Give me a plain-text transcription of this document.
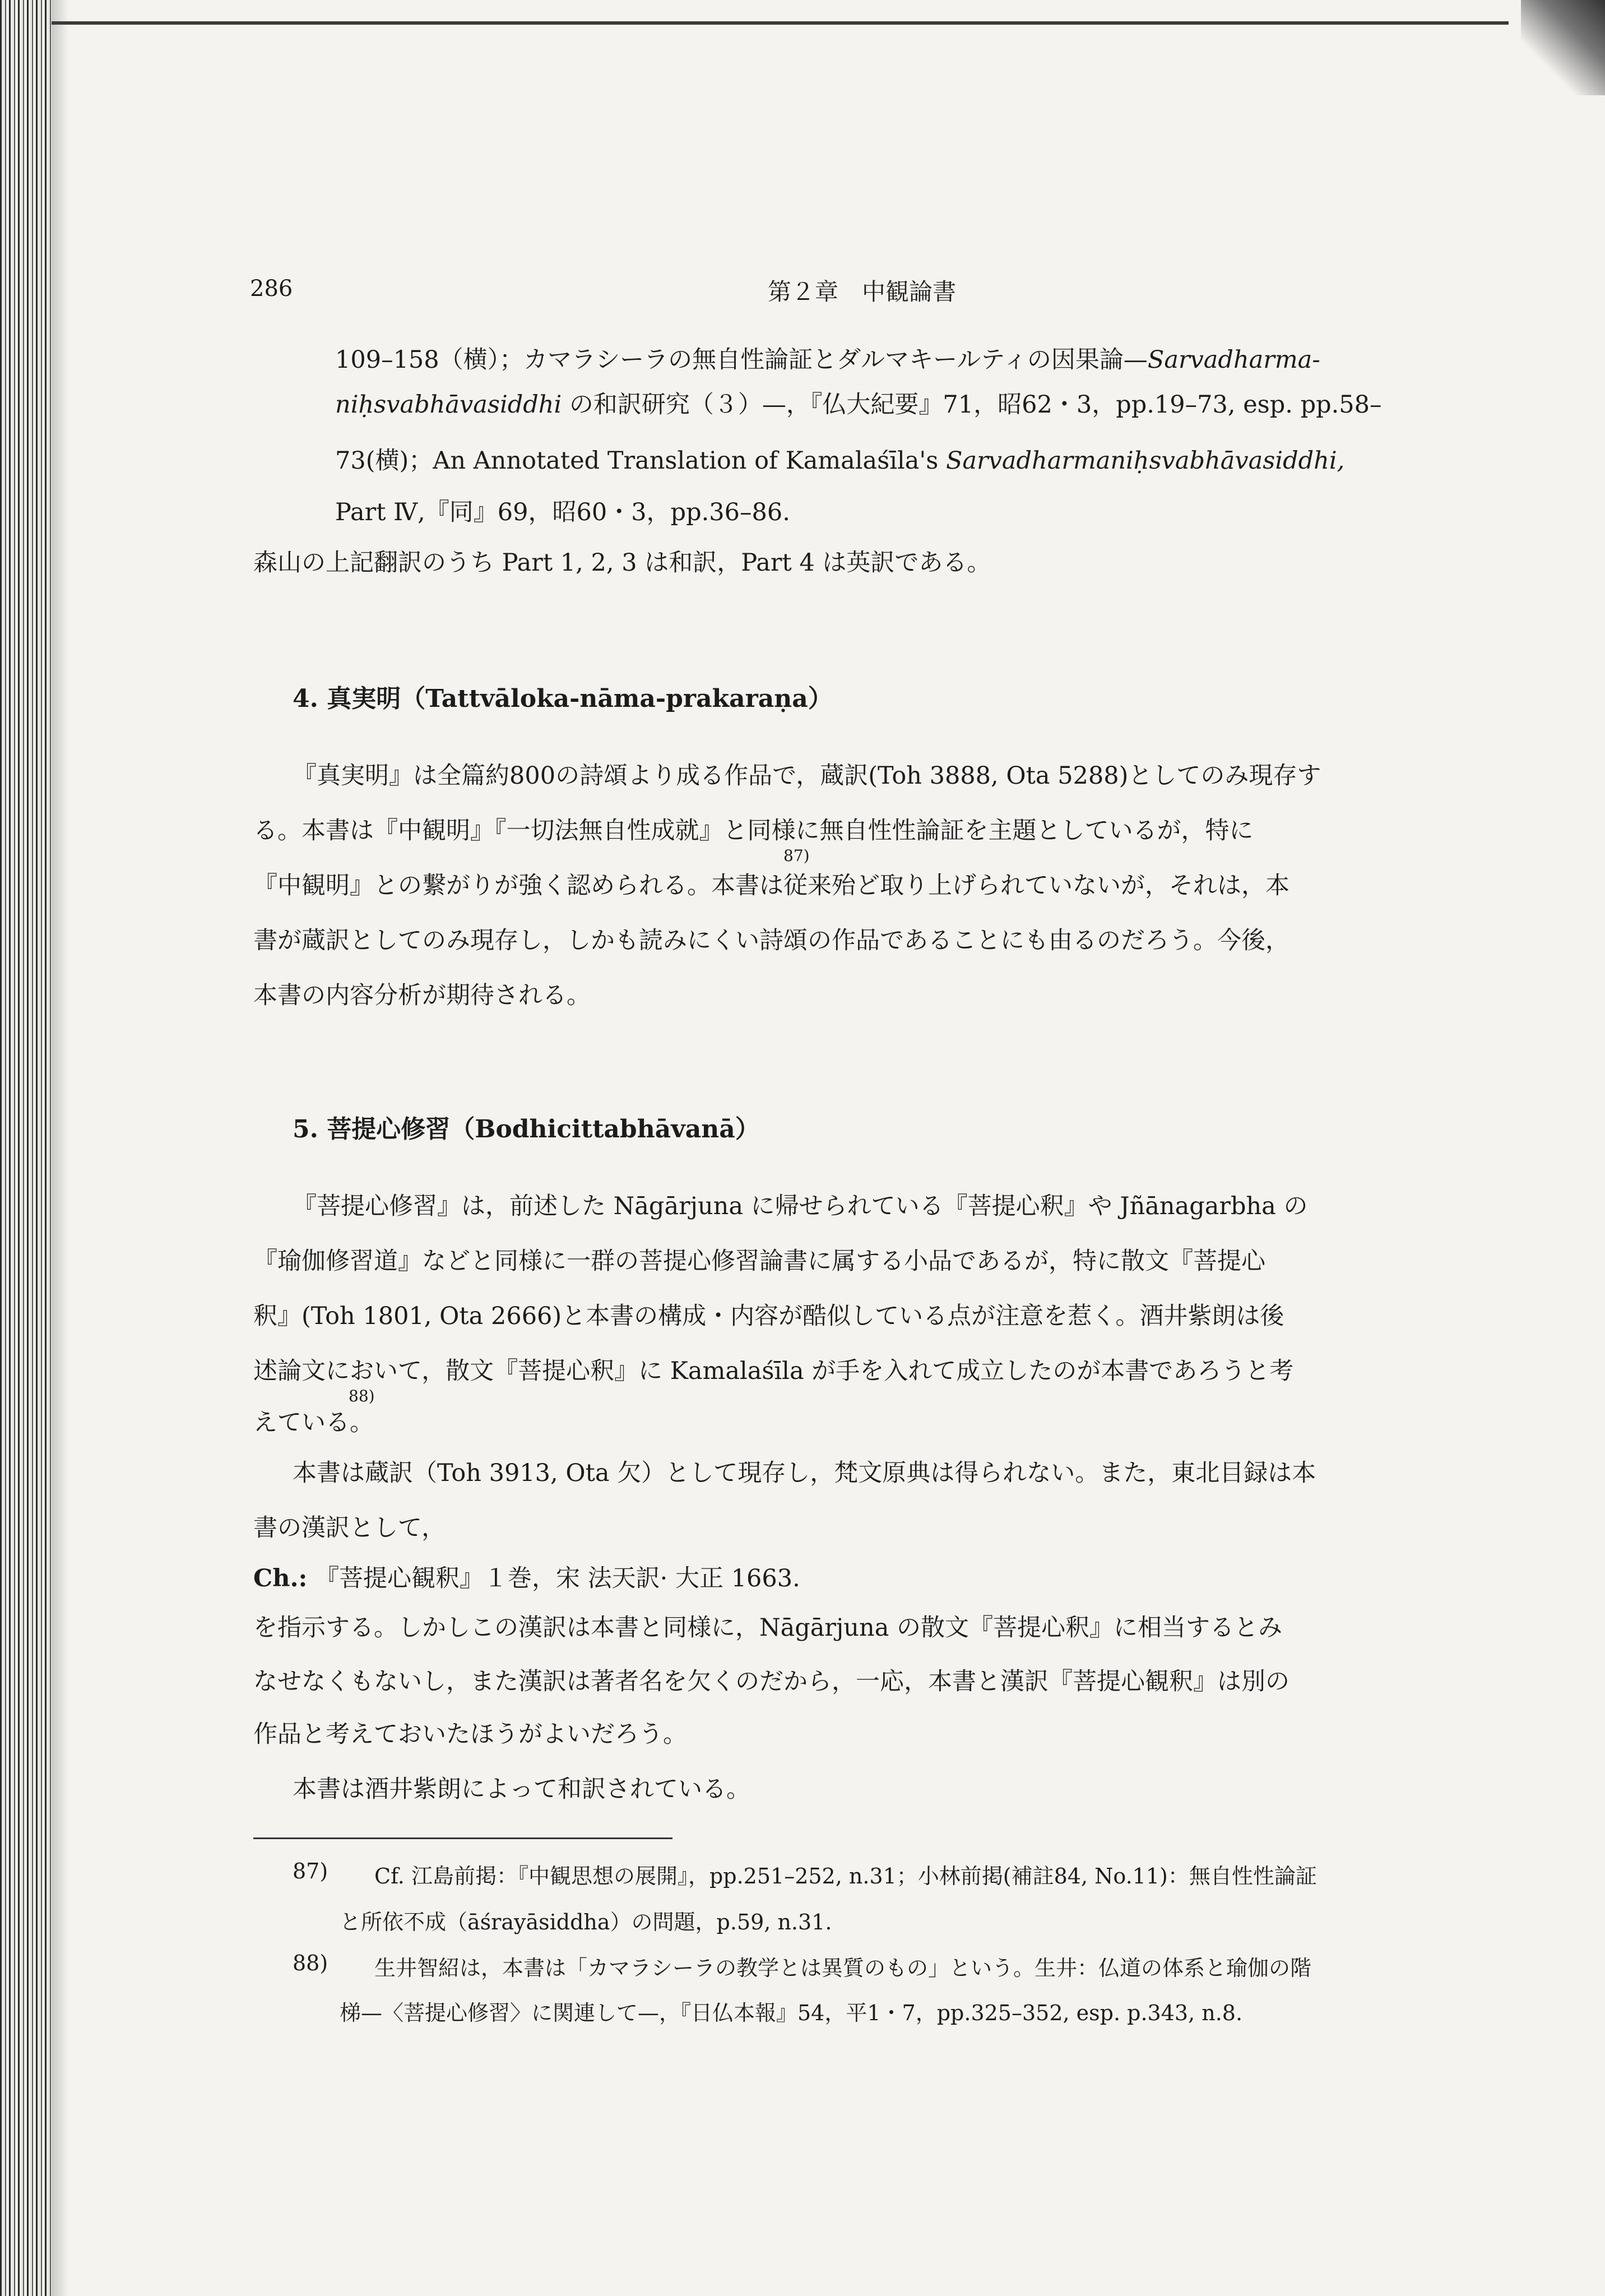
286	第２章　中観論書
109–158（横）；カマラシーラの無自性論証とダルマキールティの因果論—Sarvadharma-
niḥsvabhāvasiddhi の和訳研究（３）—，『仏大紀要』71，昭62・3，pp.19–73, esp. pp.58–
73(横)；An Annotated Translation of Kamalaśīla's Sarvadharmaniḥsvabhāvasiddhi,
Part Ⅳ,『同』69，昭60・3，pp.36–86.
森山の上記翻訳のうち Part 1, 2, 3 は和訳，Part 4 は英訳である。
4. 真実明（Tattvāloka-nāma-prakaraṇa）
『真実明』は全篇約800の詩頌より成る作品で，蔵訳(Toh 3888, Ota 5288)としてのみ現存す
る。本書は『中観明』『一切法無自性成就』と同様に無自性性論証を主題としているが，特に
87)
『中観明』との繋がりが強く認められる。本書は従来殆ど取り上げられていないが，それは，本
書が蔵訳としてのみ現存し，しかも読みにくい詩頌の作品であることにも由るのだろう。今後，
本書の内容分析が期待される。
5. 菩提心修習（Bodhicittabhāvanā）
『菩提心修習』は，前述した Nāgārjuna に帰せられている『菩提心釈』や Jñānagarbha の
『瑜伽修習道』などと同様に一群の菩提心修習論書に属する小品であるが，特に散文『菩提心
釈』(Toh 1801, Ota 2666)と本書の構成・内容が酷似している点が注意を惹く。酒井紫朗は後
述論文において，散文『菩提心釈』に Kamalaśīla が手を入れて成立したのが本書であろうと考
88)
えている。
本書は蔵訳（Toh 3913, Ota 欠）として現存し，梵文原典は得られない。また，東北目録は本
書の漢訳として，
Ch.: 『菩提心観釈』１巻，宋 法天訳· 大正 1663.
を指示する。しかしこの漢訳は本書と同様に，Nāgārjuna の散文『菩提心釈』に相当するとみ
なせなくもないし，また漢訳は著者名を欠くのだから，一応，本書と漢訳『菩提心観釈』は別の
作品と考えておいたほうがよいだろう。
本書は酒井紫朗によって和訳されている。
87) Cf. 江島前掲：『中観思想の展開』，pp.251–252, n.31；小林前掲(補註84, No.11)：無自性性論証
と所依不成（āśrayāsiddha）の問題，p.59, n.31.
88) 生井智紹は，本書は「カマラシーラの教学とは異質のもの」という。生井：仏道の体系と瑜伽の階
梯—〈菩提心修習〉に関連して—，『日仏本報』54，平1・7，pp.325–352, esp. p.343, n.8.
